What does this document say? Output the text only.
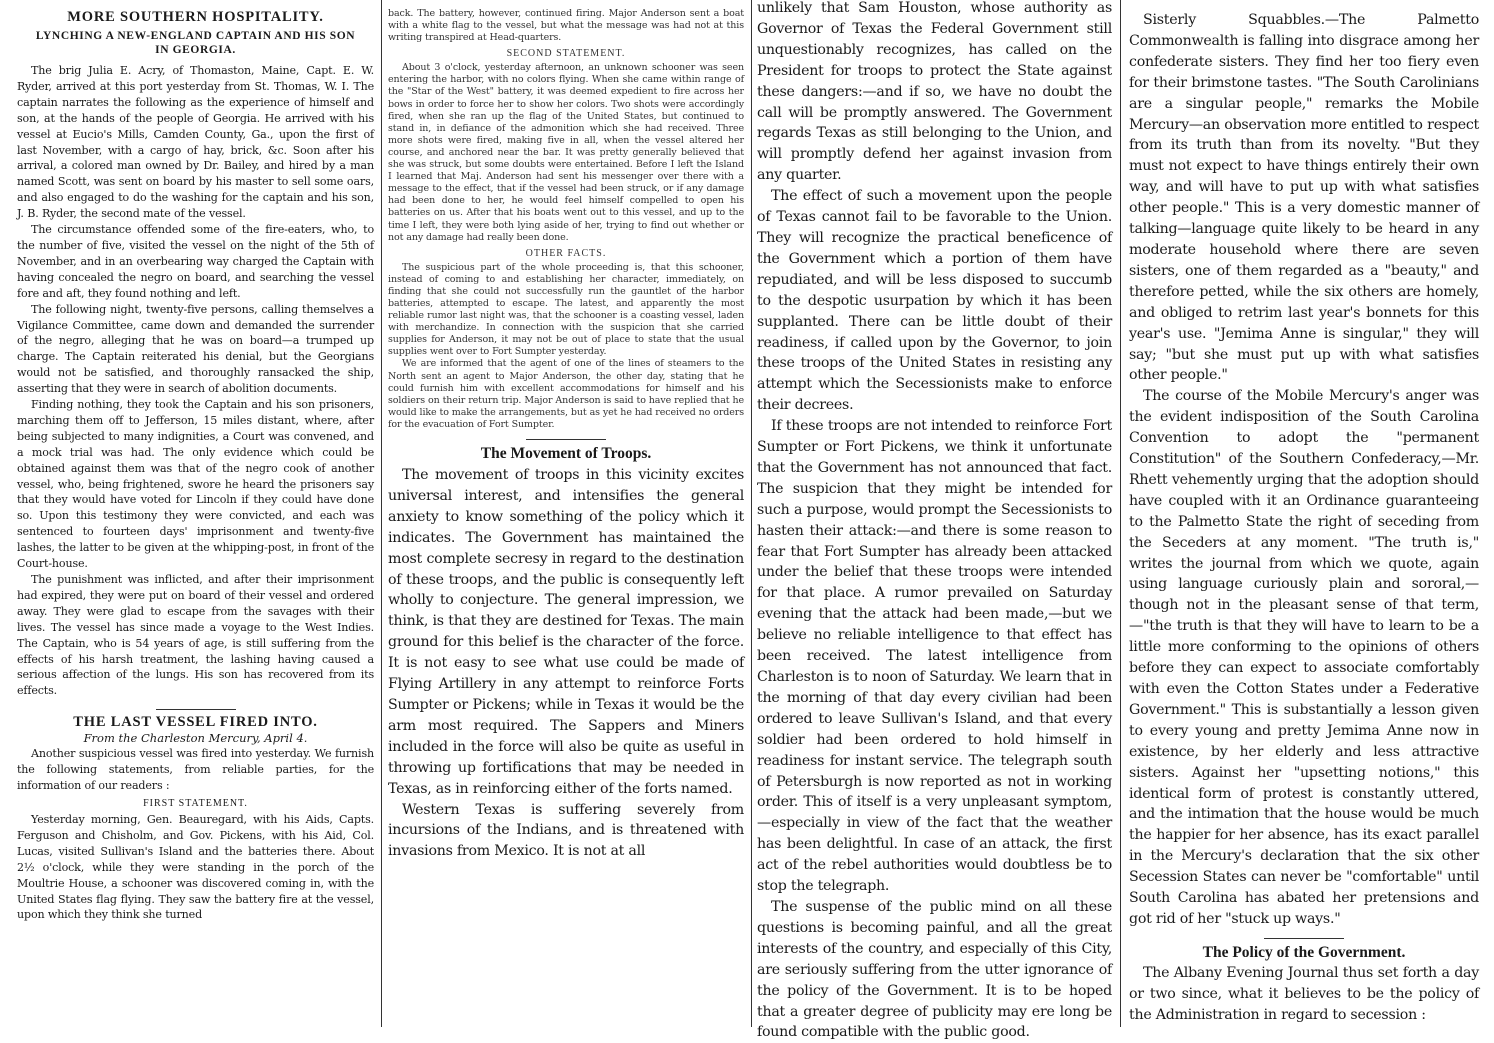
MORE SOUTHERN HOSPITALITY.
LYNCHING A NEW-ENGLAND CAPTAIN AND HIS SON
IN GEORGIA.

The brig Julia E. Acry, of Thomaston, Maine, Capt. E. W. Ryder, arrived at this port yesterday from St. Thomas, W. I. The captain narrates the following as the experience of himself and son, at the hands of the people of Georgia. He arrived with his vessel at Eucio's Mills, Camden County, Ga., upon the first of last November, with a cargo of hay, brick, &c. Soon after his arrival, a colored man owned by Dr. Bailey, and hired by a man named Scott, was sent on board by his master to sell some oars, and also engaged to do the washing for the captain and his son, J. B. Ryder, the second mate of the vessel.

The circumstance offended some of the fire-eaters, who, to the number of five, visited the vessel on the night of the 5th of November, and in an overbearing way charged the Captain with having concealed the negro on board, and searching the vessel fore and aft, they found nothing and left.

The following night, twenty-five persons, calling themselves a Vigilance Committee, came down and demanded the surrender of the negro, alleging that he was on board—a trumped up charge. The Captain reiterated his denial, but the Georgians would not be satisfied, and thoroughly ransacked the ship, asserting that they were in search of abolition documents.

Finding nothing, they took the Captain and his son prisoners, marching them off to Jefferson, 15 miles distant, where, after being subjected to many indignities, a Court was convened, and a mock trial was had. The only evidence which could be obtained against them was that of the negro cook of another vessel, who, being frightened, swore he heard the prisoners say that they would have voted for Lincoln if they could have done so. Upon this testimony they were convicted, and each was sentenced to fourteen days' imprisonment and twenty-five lashes, the latter to be given at the whipping-post, in front of the Court-house.

The punishment was inflicted, and after their imprisonment had expired, they were put on board of their vessel and ordered away. They were glad to escape from the savages with their lives. The vessel has since made a voyage to the West Indies. The Captain, who is 54 years of age, is still suffering from the effects of his harsh treatment, the lashing having caused a serious affection of the lungs. His son has recovered from its effects.

THE LAST VESSEL FIRED INTO.
From the Charleston Mercury, April 4.

Another suspicious vessel was fired into yesterday. We furnish the following statements, from reliable parties, for the information of our readers :

FIRST STATEMENT.

Yesterday morning, Gen. Beauregard, with his Aids, Capts. Ferguson and Chisholm, and Gov. Pickens, with his Aid, Col. Lucas, visited Sullivan's Island and the batteries there. About 2½ o'clock, while they were standing in the porch of the Moultrie House, a schooner was discovered coming in, with the United States flag flying. They saw the battery fire at the vessel, upon which they think she turned

back. The battery, however, continued firing. Major Anderson sent a boat with a white flag to the vessel, but what the message was had not at this writing transpired at Head-quarters.

SECOND STATEMENT.

About 3 o'clock, yesterday afternoon, an unknown schooner was seen entering the harbor, with no colors flying. When she came within range of the "Star of the West" battery, it was deemed expedient to fire across her bows in order to force her to show her colors. Two shots were accordingly fired, when she ran up the flag of the United States, but continued to stand in, in defiance of the admonition which she had received. Three more shots were fired, making five in all, when the vessel altered her course, and anchored near the bar. It was pretty generally believed that she was struck, but some doubts were entertained. Before I left the Island I learned that Maj. Anderson had sent his messenger over there with a message to the effect, that if the vessel had been struck, or if any damage had been done to her, he would feel himself compelled to open his batteries on us. After that his boats went out to this vessel, and up to the time I left, they were both lying aside of her, trying to find out whether or not any damage had really been done.

OTHER FACTS.

The suspicious part of the whole proceeding is, that this schooner, instead of coming to and establishing her character, immediately, on finding that she could not successfully run the gauntlet of the harbor batteries, attempted to escape. The latest, and apparently the most reliable rumor last night was, that the schooner is a coasting vessel, laden with merchandize. In connection with the suspicion that she carried supplies for Anderson, it may not be out of place to state that the usual supplies went over to Fort Sumpter yesterday.

We are informed that the agent of one of the lines of steamers to the North sent an agent to Major Anderson, the other day, stating that he could furnish him with excellent accommodations for himself and his soldiers on their return trip. Major Anderson is said to have replied that he would like to make the arrangements, but as yet he had received no orders for the evacuation of Fort Sumpter.

The Movement of Troops.

The movement of troops in this vicinity excites universal interest, and intensifies the general anxiety to know something of the policy which it indicates. The Government has maintained the most complete secresy in regard to the destination of these troops, and the public is consequently left wholly to conjecture. The general impression, we think, is that they are destined for Texas. The main ground for this belief is the character of the force. It is not easy to see what use could be made of Flying Artillery in any attempt to reinforce Forts Sumpter or Pickens; while in Texas it would be the arm most required. The Sappers and Miners included in the force will also be quite as useful in throwing up fortifications that may be needed in Texas, as in reinforcing either of the forts named.

Western Texas is suffering severely from incursions of the Indians, and is threatened with invasions from Mexico. It is not at all

unlikely that Sam Houston, whose authority as Governor of Texas the Federal Government still unquestionably recognizes, has called on the President for troops to protect the State against these dangers:—and if so, we have no doubt the call will be promptly answered. The Government regards Texas as still belonging to the Union, and will promptly defend her against invasion from any quarter.

The effect of such a movement upon the people of Texas cannot fail to be favorable to the Union. They will recognize the practical beneficence of the Government which a portion of them have repudiated, and will be less disposed to succumb to the despotic usurpation by which it has been supplanted. There can be little doubt of their readiness, if called upon by the Governor, to join these troops of the United States in resisting any attempt which the Secessionists make to enforce their decrees.

If these troops are not intended to reinforce Fort Sumpter or Fort Pickens, we think it unfortunate that the Government has not announced that fact. The suspicion that they might be intended for such a purpose, would prompt the Secessionists to hasten their attack:—and there is some reason to fear that Fort Sumpter has already been attacked under the belief that these troops were intended for that place. A rumor prevailed on Saturday evening that the attack had been made,—but we believe no reliable intelligence to that effect has been received. The latest intelligence from Charleston is to noon of Saturday. We learn that in the morning of that day every civilian had been ordered to leave Sullivan's Island, and that every soldier had been ordered to hold himself in readiness for instant service. The telegraph south of Petersburgh is now reported as not in working order. This of itself is a very unpleasant symptom,—especially in view of the fact that the weather has been delightful. In case of an attack, the first act of the rebel authorities would doubtless be to stop the telegraph.

The suspense of the public mind on all these questions is becoming painful, and all the great interests of the country, and especially of this City, are seriously suffering from the utter ignorance of the policy of the Government. It is to be hoped that a greater degree of publicity may ere long be found compatible with the public good.

Sisterly Squabbles.—The Palmetto Commonwealth is falling into disgrace among her confederate sisters. They find her too fiery even for their brimstone tastes. "The South Carolinians are a singular people," remarks the Mobile Mercury—an observation more entitled to respect from its truth than from its novelty. "But they must not expect to have things entirely their own way, and will have to put up with what satisfies other people." This is a very domestic manner of talking—language quite likely to be heard in any moderate household where there are seven sisters, one of them regarded as a "beauty," and therefore petted, while the six others are homely, and obliged to retrim last year's bonnets for this year's use. "Jemima Anne is singular," they will say; "but she must put up with what satisfies other people."

The course of the Mobile Mercury's anger was the evident indisposition of the South Carolina Convention to adopt the "permanent Constitution" of the Southern Confederacy,—Mr. Rhett vehemently urging that the adoption should have coupled with it an Ordinance guaranteeing to the Palmetto State the right of seceding from the Seceders at any moment. "The truth is," writes the journal from which we quote, again using language curiously plain and sororal,—though not in the pleasant sense of that term,—"the truth is that they will have to learn to be a little more conforming to the opinions of others before they can expect to associate comfortably with even the Cotton States under a Federative Government." This is substantially a lesson given to every young and pretty Jemima Anne now in existence, by her elderly and less attractive sisters. Against her "upsetting notions," this identical form of protest is constantly uttered, and the intimation that the house would be much the happier for her absence, has its exact parallel in the Mercury's declaration that the six other Secession States can never be "comfortable" until South Carolina has abated her pretensions and got rid of her "stuck up ways."

The Policy of the Government.

The Albany Evening Journal thus set forth a day or two since, what it believes to be the policy of the Administration in regard to secession :
